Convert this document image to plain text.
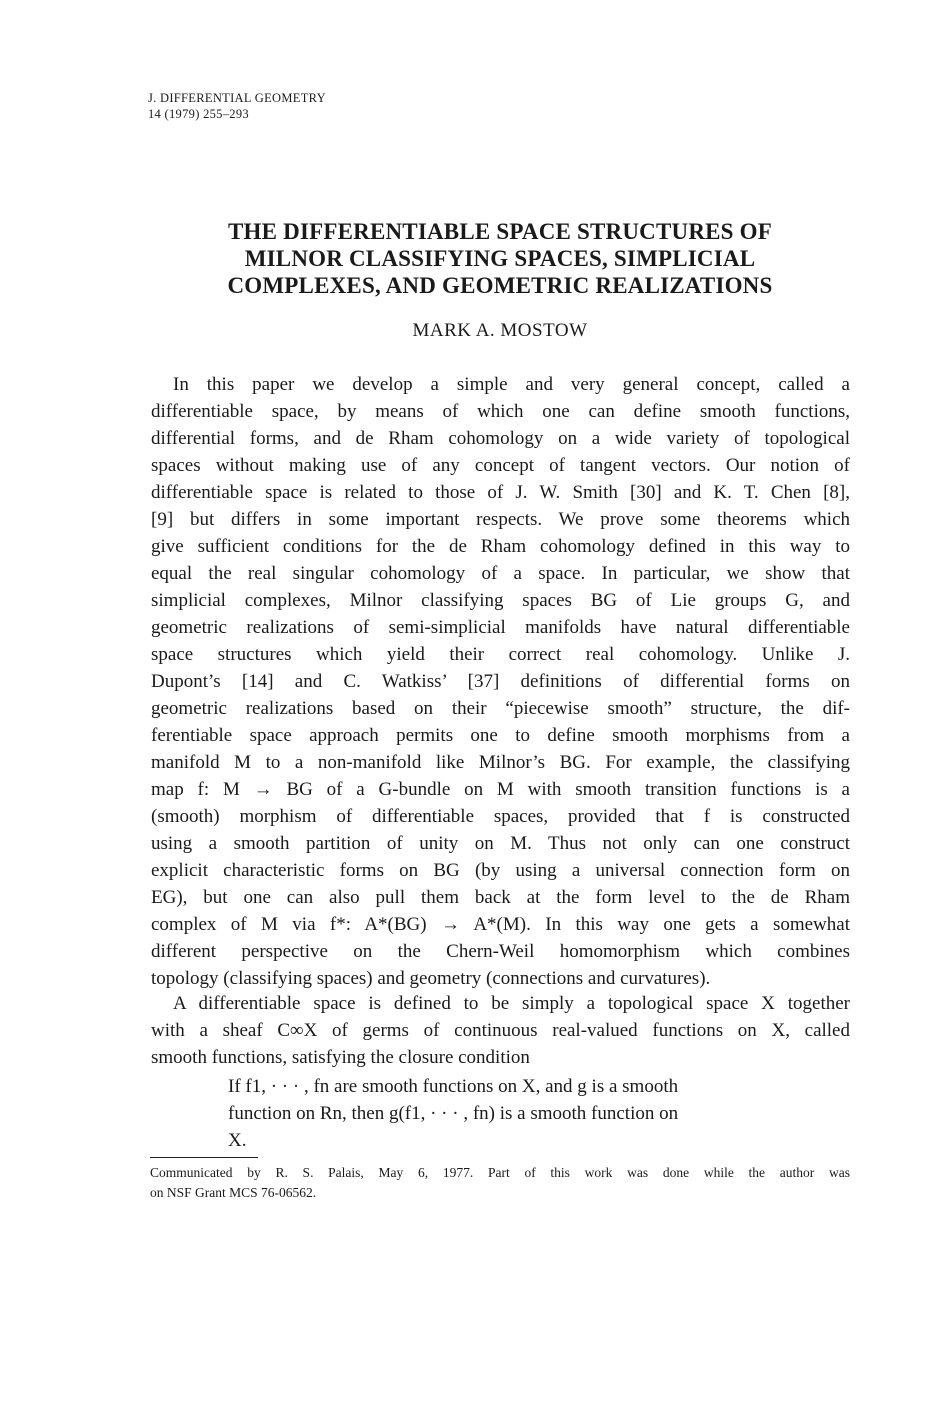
J. DIFFERENTIAL GEOMETRY
14 (1979) 255–293
THE DIFFERENTIABLE SPACE STRUCTURES OF
MILNOR CLASSIFYING SPACES, SIMPLICIAL
COMPLEXES, AND GEOMETRIC REALIZATIONS
MARK A. MOSTOW
In this paper we develop a simple and very general concept, called a
differentiable space, by means of which one can define smooth functions,
differential forms, and de Rham cohomology on a wide variety of topological
spaces without making use of any concept of tangent vectors. Our notion of
differentiable space is related to those of J. W. Smith [30] and K. T. Chen [8],
[9] but differs in some important respects. We prove some theorems which
give sufficient conditions for the de Rham cohomology defined in this way to
equal the real singular cohomology of a space. In particular, we show that
simplicial complexes, Milnor classifying spaces BG of Lie groups G, and
geometric realizations of semi-simplicial manifolds have natural differentiable
space structures which yield their correct real cohomology. Unlike J.
Dupont’s [14] and C. Watkiss’ [37] definitions of differential forms on
geometric realizations based on their “piecewise smooth” structure, the dif-
ferentiable space approach permits one to define smooth morphisms from a
manifold M to a non-manifold like Milnor’s BG. For example, the classifying
map f: M → BG of a G-bundle on M with smooth transition functions is a
(smooth) morphism of differentiable spaces, provided that f is constructed
using a smooth partition of unity on M. Thus not only can one construct
explicit characteristic forms on BG (by using a universal connection form on
EG), but one can also pull them back at the form level to the de Rham
complex of M via f*: A*(BG) → A*(M). In this way one gets a somewhat
different perspective on the Chern-Weil homomorphism which combines
topology (classifying spaces) and geometry (connections and curvatures).
A differentiable space is defined to be simply a topological space X together
with a sheaf C∞X of germs of continuous real-valued functions on X, called
smooth functions, satisfying the closure condition
If f1, · · · , fn are smooth functions on X, and g is a smooth
function on Rn, then g(f1, · · · , fn) is a smooth function on
X.
Communicated by R. S. Palais, May 6, 1977. Part of this work was done while the author was
on NSF Grant MCS 76-06562.
